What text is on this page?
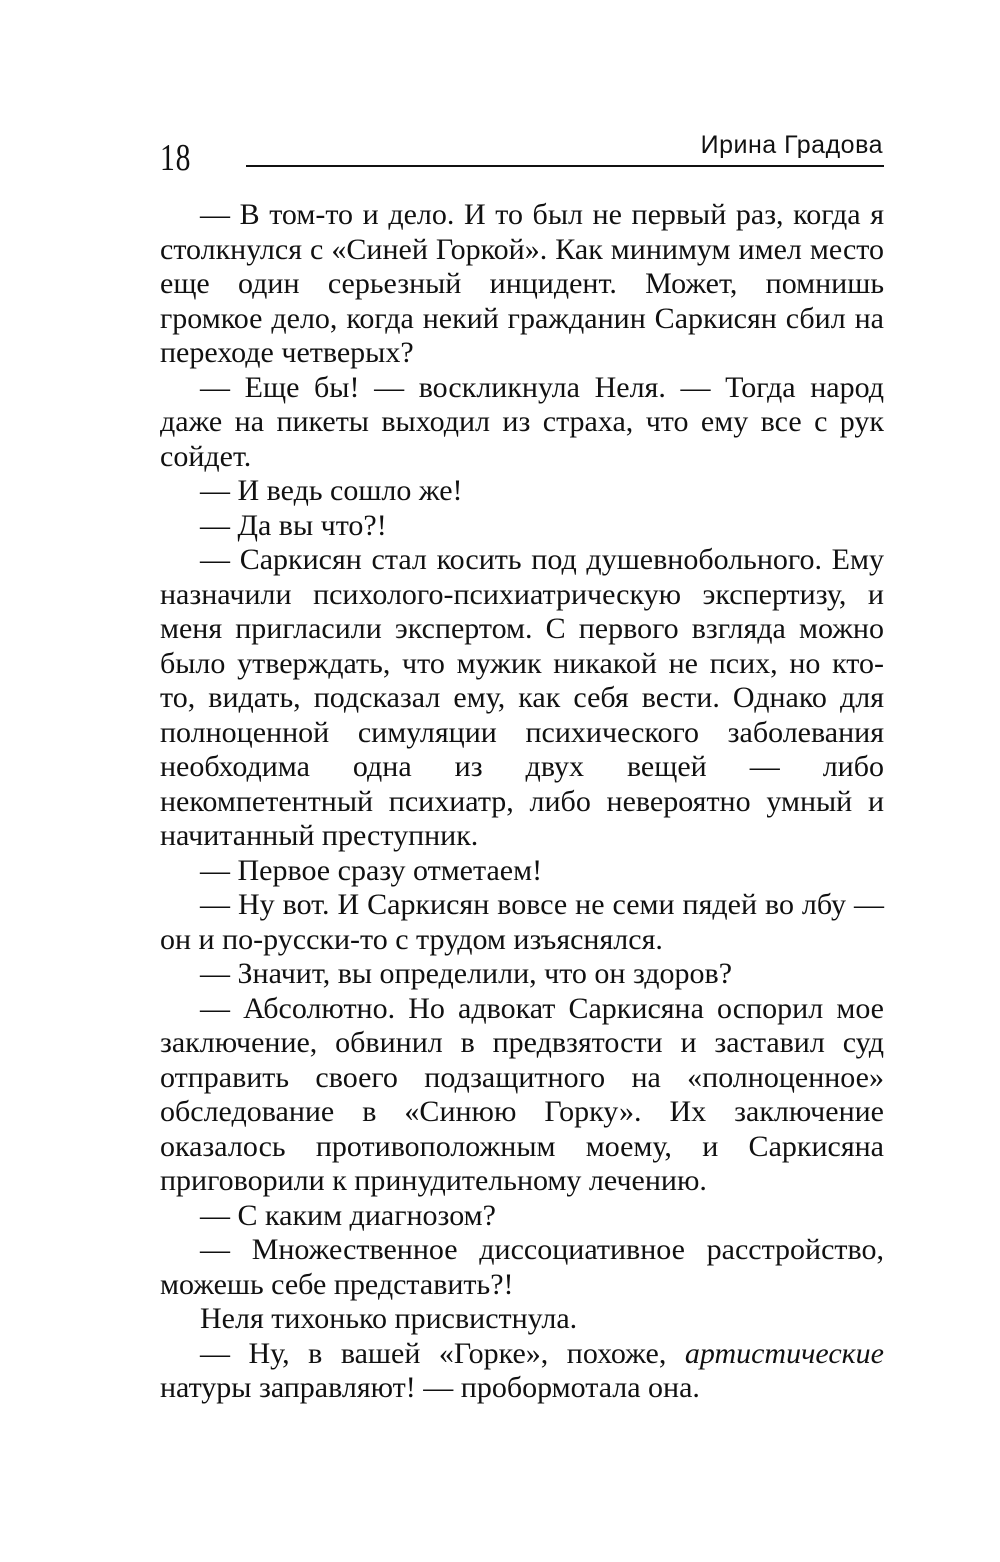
18	Ирина Градова

— В том-то и дело. И то был не первый раз, когда я столкнулся с «Синей Горкой». Как минимум имел место еще один серьезный инцидент. Может, помнишь громкое дело, когда некий гражданин Саркисян сбил на переходе четверых?

— Еще бы! — воскликнула Неля. — Тогда народ даже на пикеты выходил из страха, что ему все с рук сойдет.

— И ведь сошло же!

— Да вы что?!

— Саркисян стал косить под душевнобольного. Ему назначили психолого-психиатрическую экспертизу, и меня пригласили экспертом. С первого взгляда можно было утверждать, что мужик никакой не псих, но кто-то, видать, подсказал ему, как себя вести. Однако для полноценной симуляции психического заболевания необходима одна из двух вещей — либо некомпетентный психиатр, либо невероятно умный и начитанный преступник.

— Первое сразу отметаем!

— Ну вот. И Саркисян вовсе не семи пядей во лбу — он и по-русски-то с трудом изъяснялся.

— Значит, вы определили, что он здоров?

— Абсолютно. Но адвокат Саркисяна оспорил мое заключение, обвинил в предвзятости и заставил суд отправить своего подзащитного на «полноценное» обследование в «Синюю Горку». Их заключение оказалось противоположным моему, и Саркисяна приговорили к принудительному лечению.

— С каким диагнозом?

— Множественное диссоциативное расстройство, можешь себе представить?!

Неля тихонько присвистнула.

— Ну, в вашей «Горке», похоже, артистические натуры заправляют! — пробормотала она.
